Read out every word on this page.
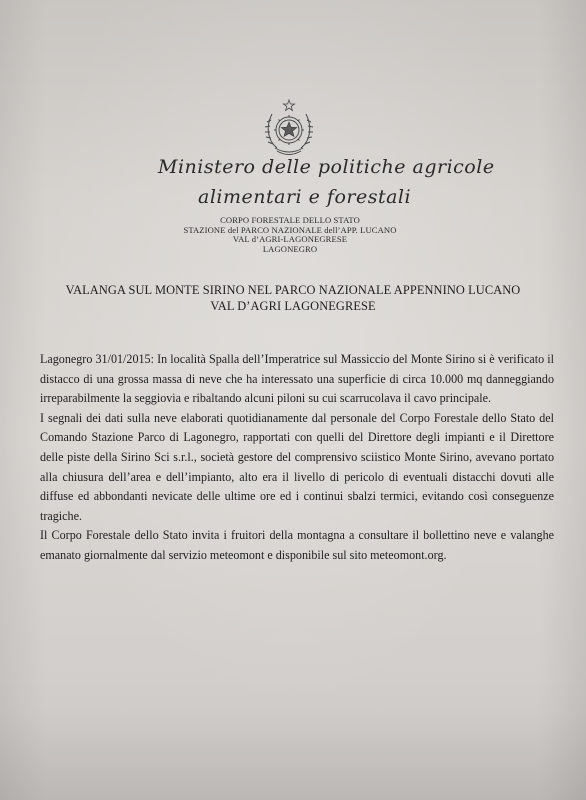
Ministero delle politiche agricole
alimentari e forestali
CORPO FORESTALE DELLO STATO
STAZIONE del PARCO NAZIONALE dell’APP. LUCANO
VAL d’AGRI-LAGONEGRESE
LAGONEGRO
VALANGA SUL MONTE SIRINO NEL PARCO NAZIONALE APPENNINO LUCANO
VAL D’AGRI LAGONEGRESE

Lagonegro 31/01/2015: In località Spalla dell’Imperatrice sul Massiccio del Monte Sirino si è verificato il distacco di una grossa massa di neve che ha interessato una superficie di circa 10.000 mq danneggiando irreparabilmente la seggiovia e ribaltando alcuni piloni su cui scarrucolava il cavo principale.

I segnali dei dati sulla neve elaborati quotidianamente dal personale del Corpo Forestale dello Stato del Comando Stazione Parco di Lagonegro, rapportati con quelli del Direttore degli impianti e il Direttore delle piste della Sirino Sci s.r.l., società gestore del comprensivo sciistico Monte Sirino, avevano portato alla chiusura dell’area e dell’impianto, alto era il livello di pericolo di eventuali distacchi dovuti alle diffuse ed abbondanti nevicate delle ultime ore ed i continui sbalzi termici, evitando così conseguenze tragiche.

Il Corpo Forestale dello Stato invita i fruitori della montagna a consultare il bollettino neve e valanghe emanato giornalmente dal servizio meteomont e disponibile sul sito meteomont.org.
